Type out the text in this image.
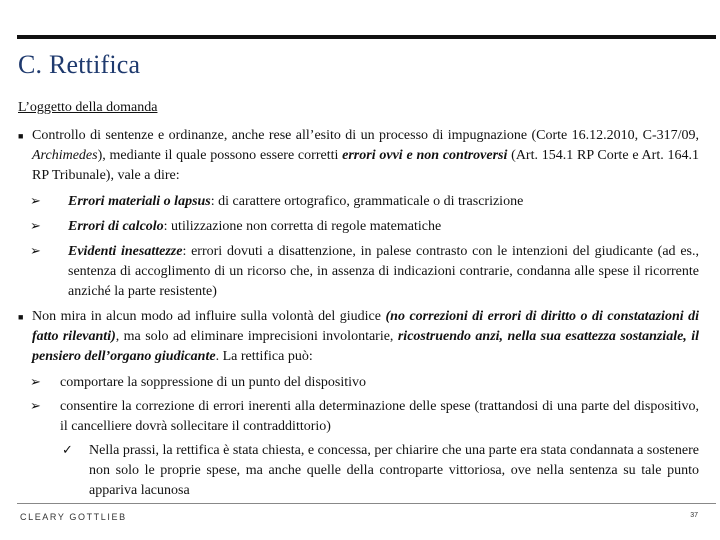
C. Rettifica
L’oggetto della domanda
■ Controllo di sentenze e ordinanze, anche rese all’esito di un processo di impugnazione (Corte 16.12.2010, C-317/09, Archimedes), mediante il quale possono essere corretti errori ovvi e non controversi (Art. 154.1 RP Corte e Art. 164.1 RP Tribunale), vale a dire:
➢ Errori materiali o lapsus: di carattere ortografico, grammaticale o di trascrizione
➢ Errori di calcolo: utilizzazione non corretta di regole matematiche
➢ Evidenti inesattezze: errori dovuti a disattenzione, in palese contrasto con le intenzioni del giudicante (ad es., sentenza di accoglimento di un ricorso che, in assenza di indicazioni contrarie, condanna alle spese il ricorrente anziché la parte resistente)
■ Non mira in alcun modo ad influire sulla volontà del giudice (no correzioni di errori di diritto o di constatazioni di fatto rilevanti), ma solo ad eliminare imprecisioni involontarie, ricostruendo anzi, nella sua esattezza sostanziale, il pensiero dell’organo giudicante. La rettifica può:
➢ comportare la soppressione di un punto del dispositivo
➢ consentire la correzione di errori inerenti alla determinazione delle spese (trattandosi di una parte del dispositivo, il cancelliere dovrà sollecitare il contraddittorio)
✓ Nella prassi, la rettifica è stata chiesta, e concessa, per chiarire che una parte era stata condannata a sostenere non solo le proprie spese, ma anche quelle della controparte vittoriosa, ove nella sentenza su tale punto appariva lacunosa
CLEARY GOTTLIEB	37
